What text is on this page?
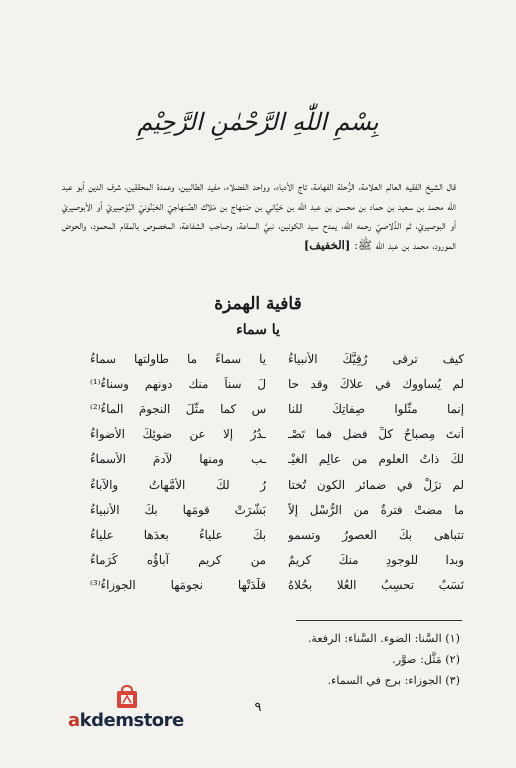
بِسْمِ اللّٰهِ الرَّحْمٰنِ الرَّحِيْمِ
قال الشيخ الفقيه العالم العلامة، الرُّحلة الفهامة، تاج الأدباء، وواحد الفضلاء، مفيد الطالبين، وعمدة المحققين، شرف الدين أبو عبد الله محمد بن سعيد بن حماد بن محسن بن عبد الله بن حَيَّاني بن صَنهاج بن مَلاك الصِّنهاجيّ الحَبْنُونيّ البُوْصِيريّ أو الأبوصيريّ أو البوصيريّ، ثم الدِّلاصيّ رحمه الله، يمدح سيد الكونين، نبيَّ الساعة، وصاحب الشفاعة، المخصوص بالمقام المحمود، والحوض المورود، محمد بن عبد الله ﷺ: [الخفيف]
قافية الهمزة
يا سماء
كيف ترقى رُقِيَّكَ الأنبياءُ
يا سماءً ما طاولتها سماءُ
لم يُساووك في علاكَ وقد حا
لَ سناً منك دونهم وسناءُ⁽¹⁾
إنما مثَّلوا صِفاتِكَ للنا
سِ كما مثَّلَ النجومَ الماءُ⁽²⁾
أنتَ مِصباحُ كلِّ فضلٍ فما تَصْـ
ـدُرُ إلا عن ضوئِكَ الأضواءُ
لكَ ذاتُ العلومِ من عالِمِ الغيْـ
ـبِ ومنها لآدمَ الأسماءُ
لم تزَلْ في ضمائرِ الكونِ تُختا
رُ لكَ الأمَّهاتُ والآباءُ
ما مضتْ فترةٌ من الرُّسْلِ إلاّ
بَشَّرَتْ قومَها بكَ الأنبياءُ
تتباهى بكَ العصورُ وتسمو
بكَ علياءُ بعدَها علياءُ
وبدا للوجودِ منكَ كريمٌ
من كريمٍ آباؤُه كُرَماءُ
نَسَبٌ تحسِبُ العُلا بحُلاهُ
قلَّدَتْها نجومَها الجوزاءُ⁽³⁾
(١) السَّنا: الضوء. السَّناء: الرفعة.
(٢) مَثَّل: صوَّر.
(٣) الجوزاء: برج في السماء.
٩
akdemstore
